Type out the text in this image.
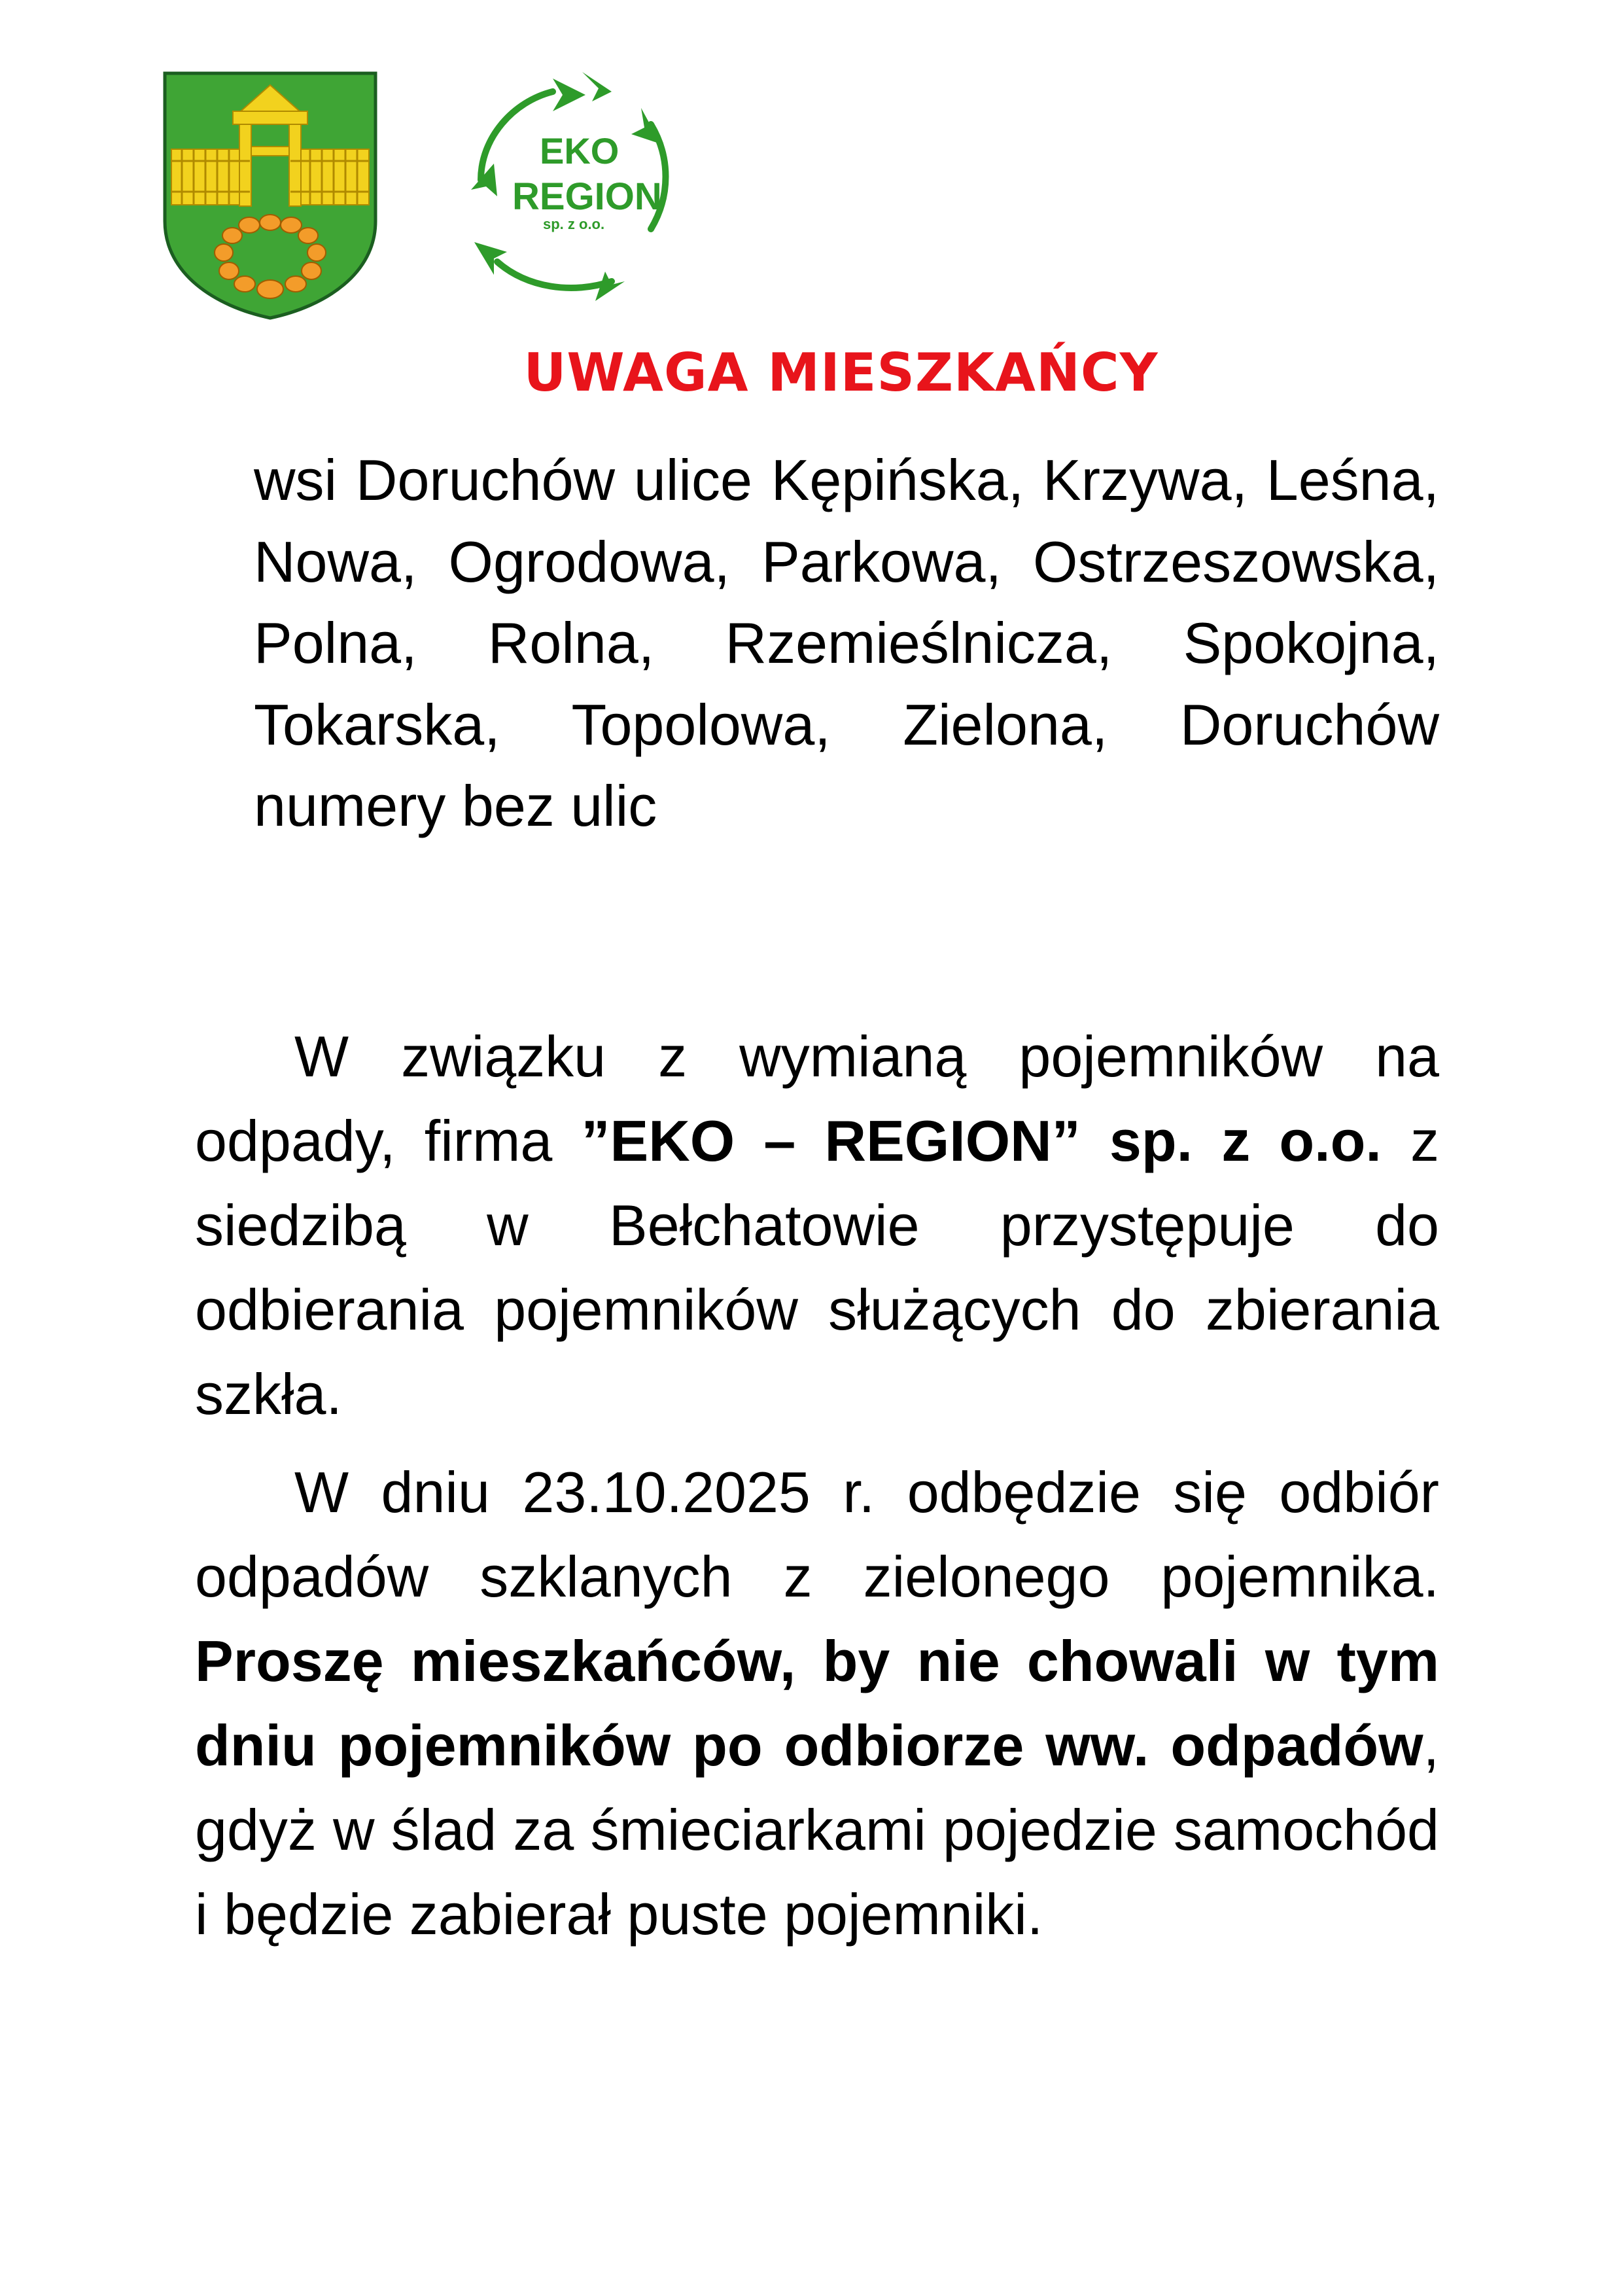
EKO
REGION
sp. z o.o.
UWAGA MIESZKAŃCY

wsi Doruchów ulice Kępińska, Krzywa, Leśna, Nowa, Ogrodowa, Parkowa, Ostrzeszowska, Polna, Rolna, Rzemieślnicza, Spokojna, Tokarska, Topolowa, Zielona, Doruchów numery bez ulic

W związku z wymianą pojemników na odpady, firma ”EKO – REGION” sp. z o.o. z siedzibą w Bełchatowie przystępuje do odbierania pojemników służących do zbierania szkła.

W dniu 23.10.2025 r. odbędzie się odbiór odpadów szklanych z zielonego pojemnika. Proszę mieszkańców, by nie chowali w tym dniu pojemników po odbiorze ww. odpadów, gdyż w ślad za śmieciarkami pojedzie samochód i będzie zabierał puste pojemniki.
